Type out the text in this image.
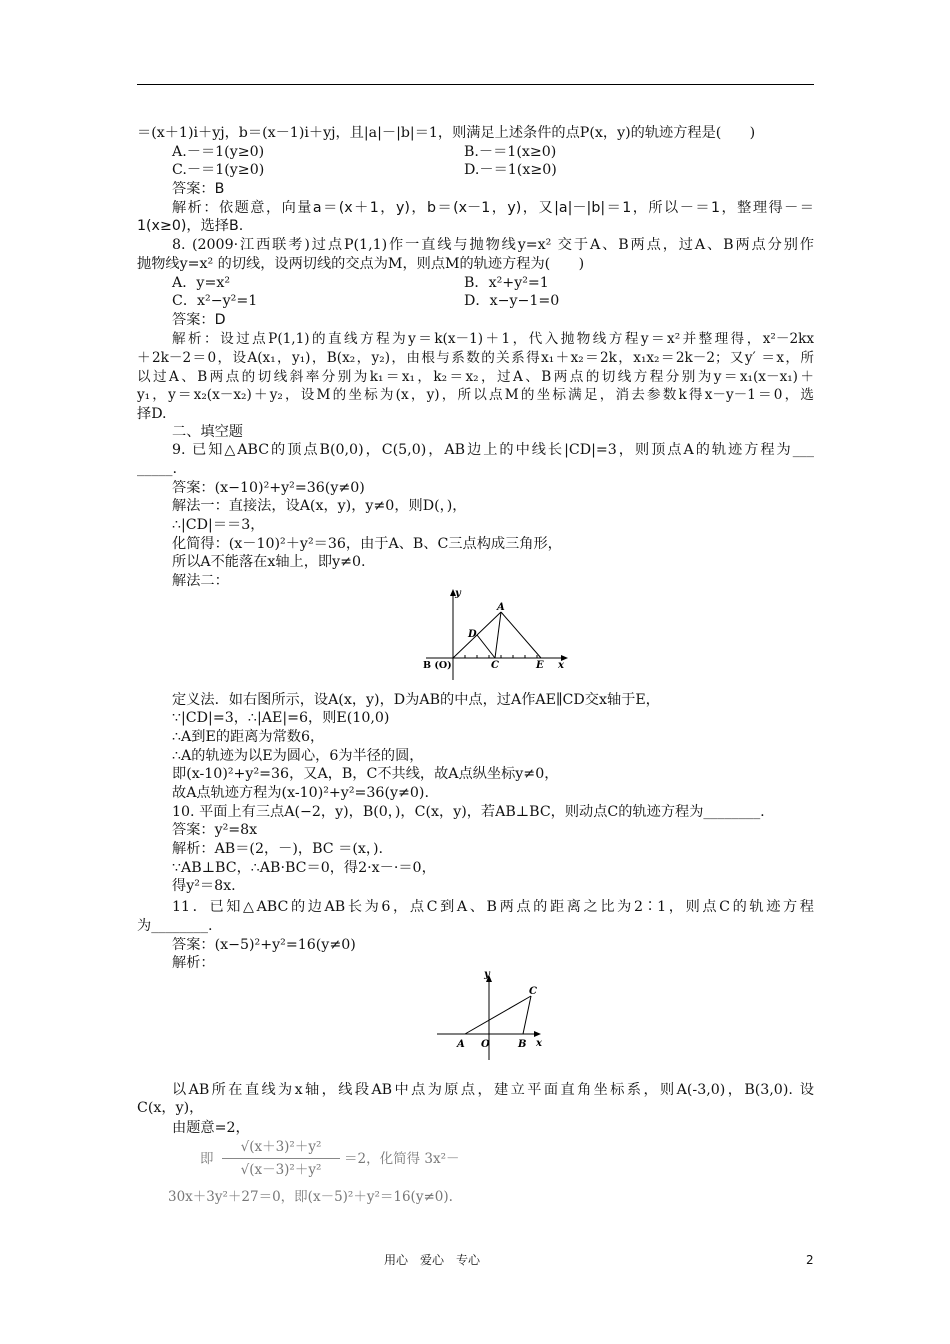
＝(x＋1)i＋yj，b＝(x－1)i＋yj，且|a|－|b|＝1，则满足上述条件的点P(x，y)的轨迹方程是(　　)
A.－＝1(y≥0)	B.－＝1(x≥0)
C.－＝1(y≥0)	D.－＝1(x≥0)
答案：B
解析：依题意，向量a＝(x＋1，y)，b＝(x－1，y)，又|a|－|b|＝1，所以－＝1，整理得－＝
1(x≥0)，选择B.
8. (2009·江西联考)过点P(1,1)作一直线与抛物线y=x² 交于A、B两点，过A、B两点分别作
抛物线y=x² 的切线，设两切线的交点为M，则点M的轨迹方程为(　　)
A．y=x²	B．x²+y²=1
C．x²−y²=1	D．x−y−1=0
答案：D
解析：设过点P(1,1)的直线方程为y＝k(x－1)＋1，代入抛物线方程y＝x²并整理得，x²－2kx
＋2k－2＝0，设A(x₁，y₁)，B(x₂，y₂)，由根与系数的关系得x₁＋x₂＝2k，x₁x₂＝2k－2；又y′ ＝x，所
以过A、B两点的切线斜率分别为k₁＝x₁，k₂＝x₂，过A、B两点的切线方程分别为y＝x₁(x－x₁)＋
y₁，y＝x₂(x－x₂)＋y₂，设M的坐标为(x，y)，所以点M的坐标满足，消去参数k得x－y－1＝0，选
择D.
二、填空题
9. 已知△ABC的顶点B(0,0)，C(5,0)，AB边上的中线长|CD|=3，则顶点A的轨迹方程为___
_____.
答案：(x−10)²+y²=36(y≠0)
解法一：直接法，设A(x，y)，y≠0，则D(，)，
∴|CD|＝＝3，
化简得：(x－10)²＋y²＝36，由于A、B、C三点构成三角形，
所以A不能落在x轴上，即y≠0.
解法二：
y
A
D
B (O)	C	E x
定义法．如右图所示，设A(x，y)，D为AB的中点，过A作AE∥CD交x轴于E，
∵|CD|=3，∴|AE|=6，则E(10,0)
∴A到E的距离为常数6，
∴A的轨迹为以E为圆心，6为半径的圆，
即(x-10)²+y²=36，又A，B，C不共线，故A点纵坐标y≠0，
故A点轨迹方程为(x-10)²+y²=36(y≠0).
10. 平面上有三点A(−2，y)，B(0，)，C(x，y)，若AB⊥BC，则动点C的轨迹方程为________.
答案：y²=8x
解析：AB＝(2，－)，BC ＝(x，).
∵AB⊥BC，∴AB·BC＝0，得2·x－·＝0，
得y²＝8x.
11．已知△ABC的边AB长为6，点C到A、B两点的距离之比为2∶1，则点C的轨迹方程
为________.
答案：(x−5)²+y²=16(y≠0)
解析：
y
C
A O	B x
以AB所在直线为x轴，线段AB中点为原点，建立平面直角坐标系，则A(-3,0)，B(3,0). 设
C(x，y)，
由题意=2，
即
√(x＋3)²＋y²
√(x－3)²＋y²
＝2，化简得 3x²－
30x＋3y²＋27＝0，即(x－5)²＋y²＝16(y≠0).
用心　爱心　专心	2
